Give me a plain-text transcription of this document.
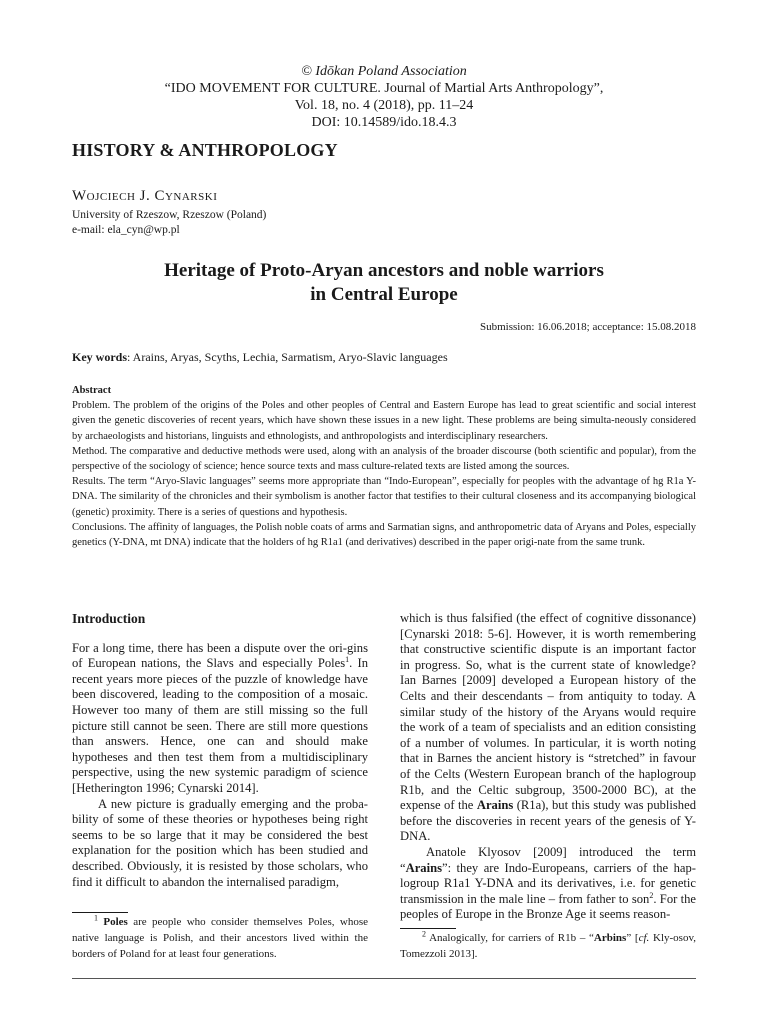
© Idōkan Poland Association
“IDO MOVEMENT FOR CULTURE. Journal of Martial Arts Anthropology”,
Vol. 18, no. 4 (2018), pp. 11–24
DOI: 10.14589/ido.18.4.3
HISTORY & ANTHROPOLOGY
Wojciech J. Cynarski
University of Rzeszow, Rzeszow (Poland)
e-mail: ela_cyn@wp.pl
Heritage of Proto-Aryan ancestors and noble warriors
in Central Europe
Submission: 16.06.2018; acceptance: 15.08.2018
Key words: Arains, Aryas, Scyths, Lechia, Sarmatism, Aryo-Slavic languages
Abstract
Problem. The problem of the origins of the Poles and other peoples of Central and Eastern Europe has lead to great scientific and social interest given the genetic discoveries of recent years, which have shown these issues in a new light. These problems are being simulta-neously considered by archaeologists and historians, linguists and ethnologists, and anthropologists and interdisciplinary researchers.
Method. The comparative and deductive methods were used, along with an analysis of the broader discourse (both scientific and popular), from the perspective of the sociology of science; hence source texts and mass culture-related texts are listed among the sources.
Results. The term “Aryo-Slavic languages” seems more appropriate than “Indo-European”, especially for peoples with the advantage of hg R1a Y-DNA. The similarity of the chronicles and their symbolism is another factor that testifies to their cultural closeness and its accompanying biological (genetic) proximity. There is a series of questions and hypothesis.
Conclusions. The affinity of languages, the Polish noble coats of arms and Sarmatian signs, and anthropometric data of Aryans and Poles, especially genetics (Y-DNA, mt DNA) indicate that the holders of hg R1a1 (and derivatives) described in the paper origi-nate from the same trunk.
Introduction

For a long time, there has been a dispute over the ori-gins of European nations, the Slavs and especially Poles$^1$. In recent years more pieces of the puzzle of knowledge have been discovered, leading to the composition of a mosaic. However too many of them are still missing so the full picture still cannot be seen. There are still more questions than answers. Hence, one can and should make hypotheses and then test them from a multidisciplinary perspective, using the new systemic paradigm of science [Hetherington 1996; Cynarski 2014].

A new picture is gradually emerging and the proba-bility of some of these theories or hypotheses being right seems to be so large that it may be considered the best explanation for the position which has been studied and described. Obviously, it is resisted by those scholars, who find it difficult to abandon the internalised paradigm,

which is thus falsified (the effect of cognitive dissonance) [Cynarski 2018: 5-6]. However, it is worth remembering that constructive scientific dispute is an important factor in progress. So, what is the current state of knowledge? Ian Barnes [2009] developed a European history of the Celts and their descendants – from antiquity to today. A similar study of the history of the Aryans would require the work of a team of specialists and an edition consisting of a number of volumes. In particular, it is worth noting that in Barnes the ancient history is “stretched” in favour of the Celts (Western European branch of the haplogroup R1b, and the Celtic subgroup, 3500-2000 BC), at the expense of the Arains (R1a), but this study was published before the discoveries in recent years of the genesis of Y-DNA.

Anatole Klyosov [2009] introduced the term “Arains”: they are Indo-Europeans, carriers of the hap-logroup R1a1 Y-DNA and its derivatives, i.e. for genetic transmission in the male line – from father to son$^2$. For the peoples of Europe in the Bronze Age it seems reason-

$^1$ Poles are people who consider themselves Poles, whose native language is Polish, and their ancestors lived within the borders of Poland for at least four generations.
$^2$ Analogically, for carriers of R1b – “Arbins” [cf. Kly-osov, Tomezzoli 2013].
